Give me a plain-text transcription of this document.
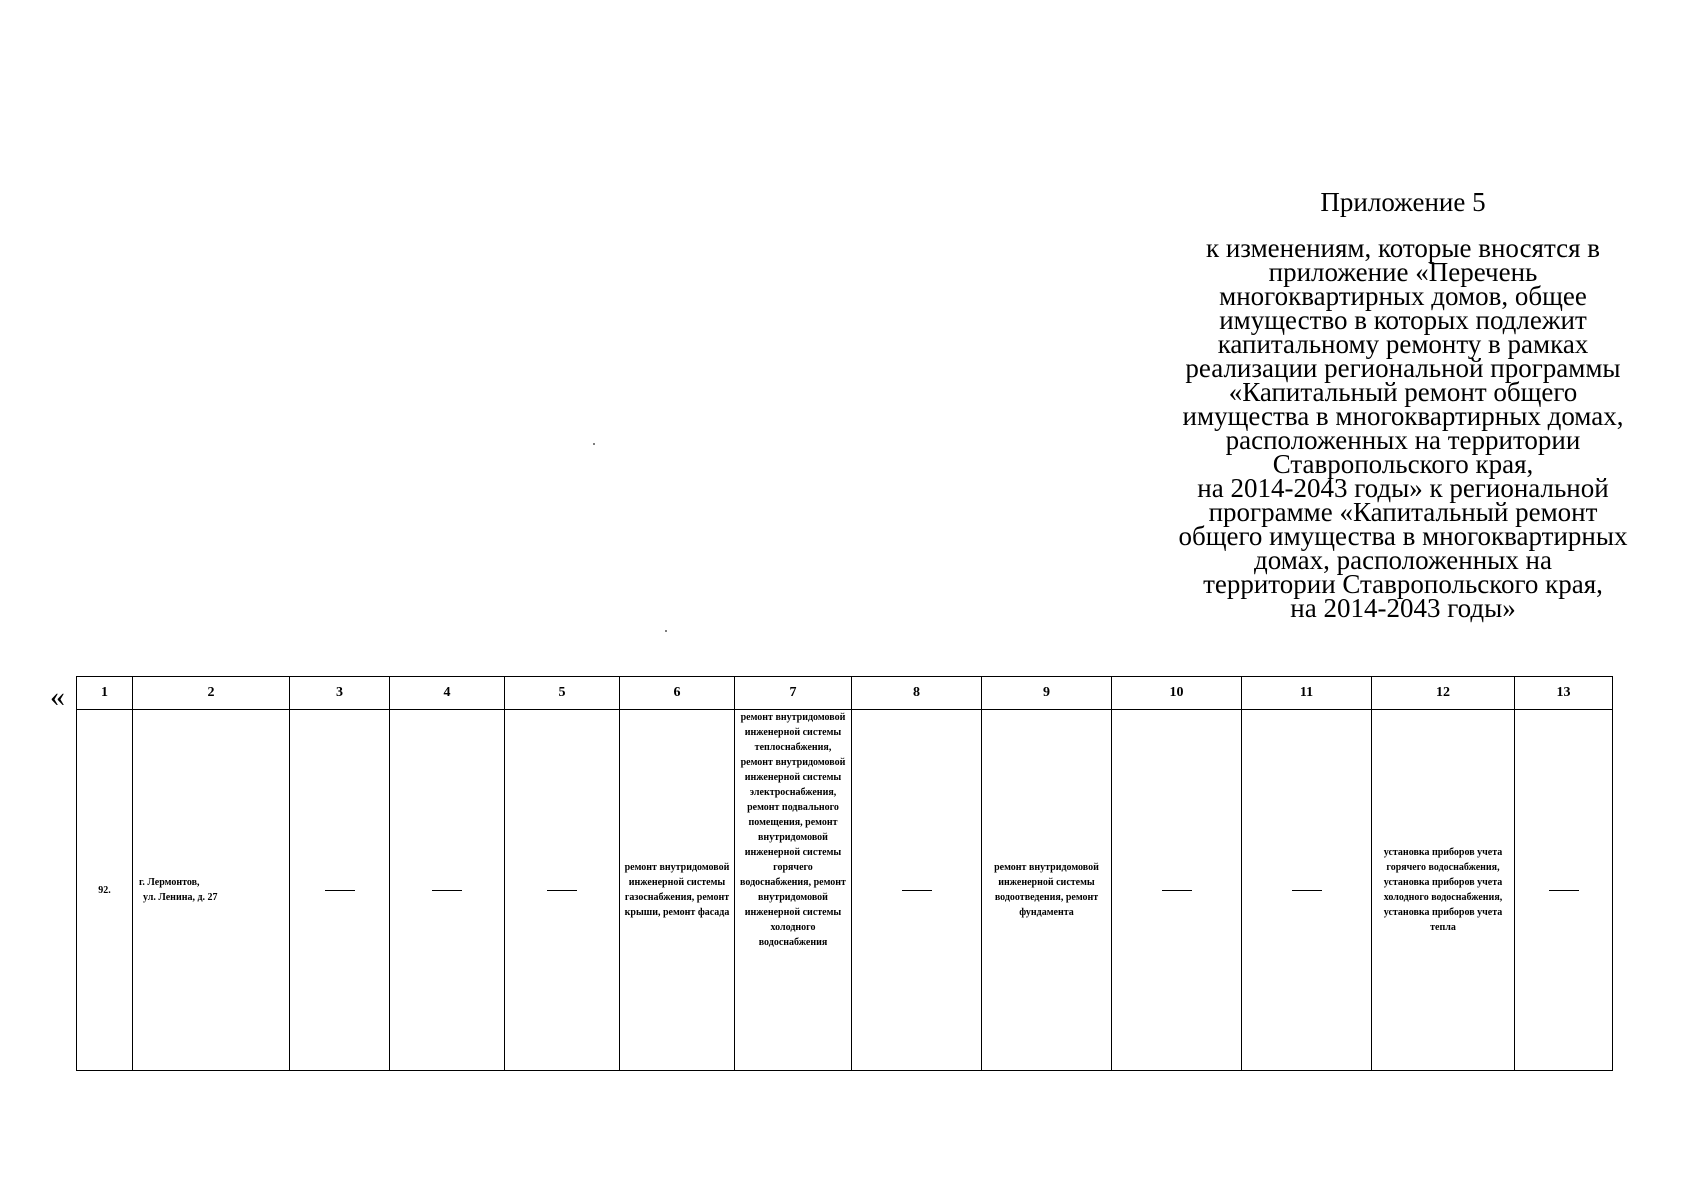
Приложение 5
к изменениям, которые вносятся в
приложение «Перечень
многоквартирных домов, общее
имущество в которых подлежит
капитальному ремонту в рамках
реализации региональной программы
«Капитальный ремонт общего
имущества в многоквартирных домах,
расположенных на территории
Ставропольского края,
на 2014-2043 годы» к региональной
программе «Капитальный ремонт
общего имущества в многоквартирных
домах, расположенных на
территории Ставропольского края,
на 2014-2043 годы»
«	1	2	3	4	5	6	7	8	9	10	11	12	13
92.	г. Лермонтов,
ул. Ленина, д. 27				ремонт внутридомовой инженерной системы газоснабжения, ремонт крыши, ремонт фасада	ремонт внутридомовой инженерной системы теплоснабжения, ремонт внутридомовой инженерной системы электроснабжения, ремонт подвального помещения, ремонт внутридомовой инженерной системы горячего водоснабжения, ремонт внутридомовой инженерной системы холодного водоснабжения		ремонт внутридомовой инженерной системы водоотведения, ремонт фундамента			установка приборов учета горячего водоснабжения, установка приборов учета холодного водоснабжения, установка приборов учета тепла	
